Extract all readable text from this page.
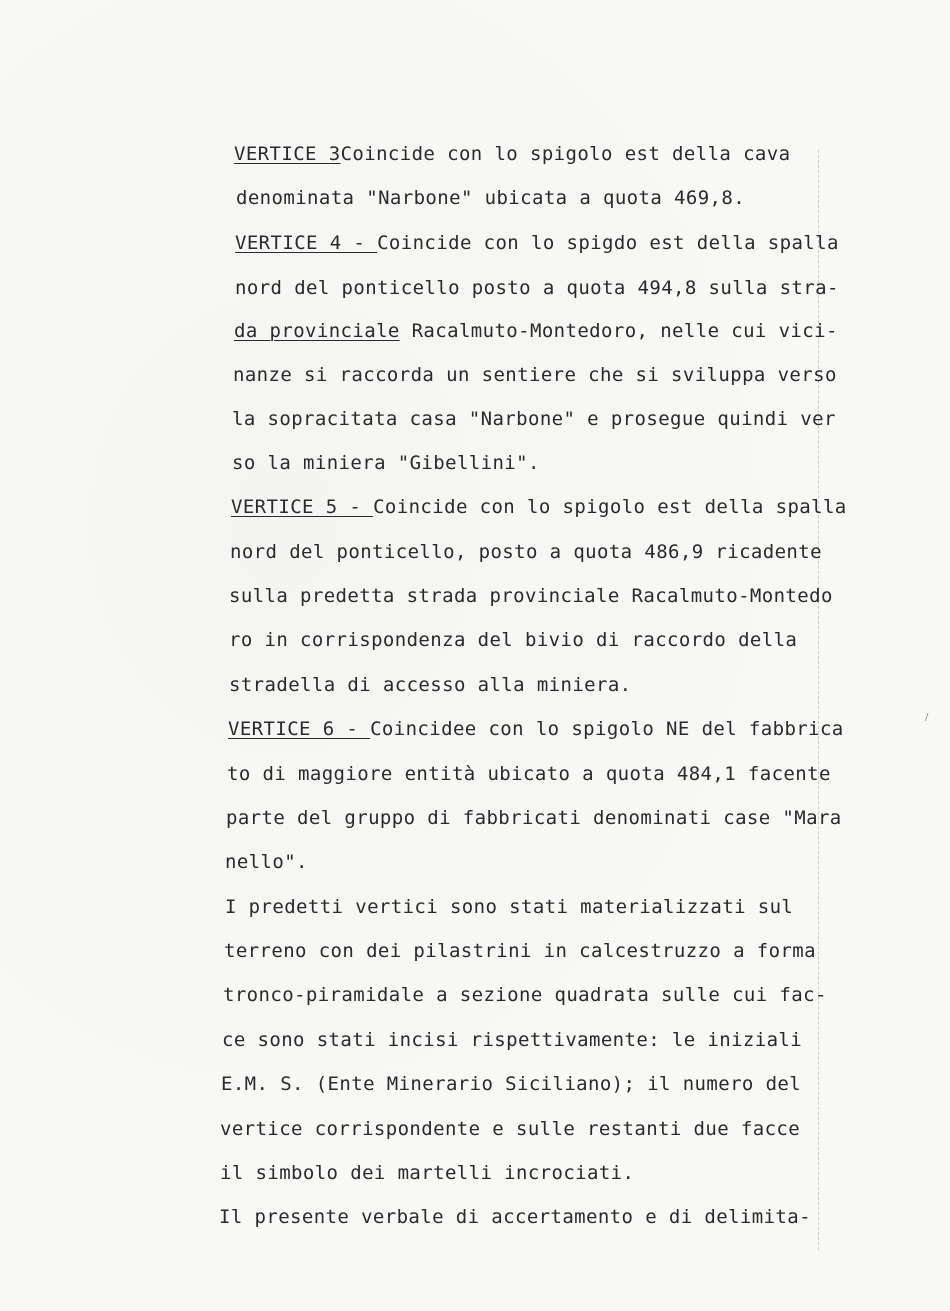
/
VERTICE 3Coincide con lo spigolo est della cava
denominata "Narbone" ubicata a quota 469,8.
VERTICE 4 - Coincide con lo spigdo est della spalla
nord del ponticello posto a quota 494,8 sulla stra-
da provinciale Racalmuto-Montedoro, nelle cui vici-
nanze si raccorda un sentiere che si sviluppa verso
la sopracitata casa "Narbone" e prosegue quindi ver
so la miniera "Gibellini".
VERTICE 5 - Coincide con lo spigolo est della spalla
nord del ponticello, posto a quota 486,9 ricadente
sulla predetta strada provinciale Racalmuto-Montedo
ro in corrispondenza del bivio di raccordo della
stradella di accesso alla miniera.
VERTICE 6 - Coincidee con lo spigolo NE del fabbrica
to di maggiore entità ubicato a quota 484,1 facente
parte del gruppo di fabbricati denominati case "Mara
nello".
I predetti vertici sono stati materializzati sul
terreno con dei pilastrini in calcestruzzo a forma
tronco-piramidale a sezione quadrata sulle cui fac-
ce sono stati incisi rispettivamente: le iniziali
E.M. S. (Ente Minerario Siciliano); il numero del
vertice corrispondente e sulle restanti due facce
il simbolo dei martelli incrociati.
Il presente verbale di accertamento e di delimita-
